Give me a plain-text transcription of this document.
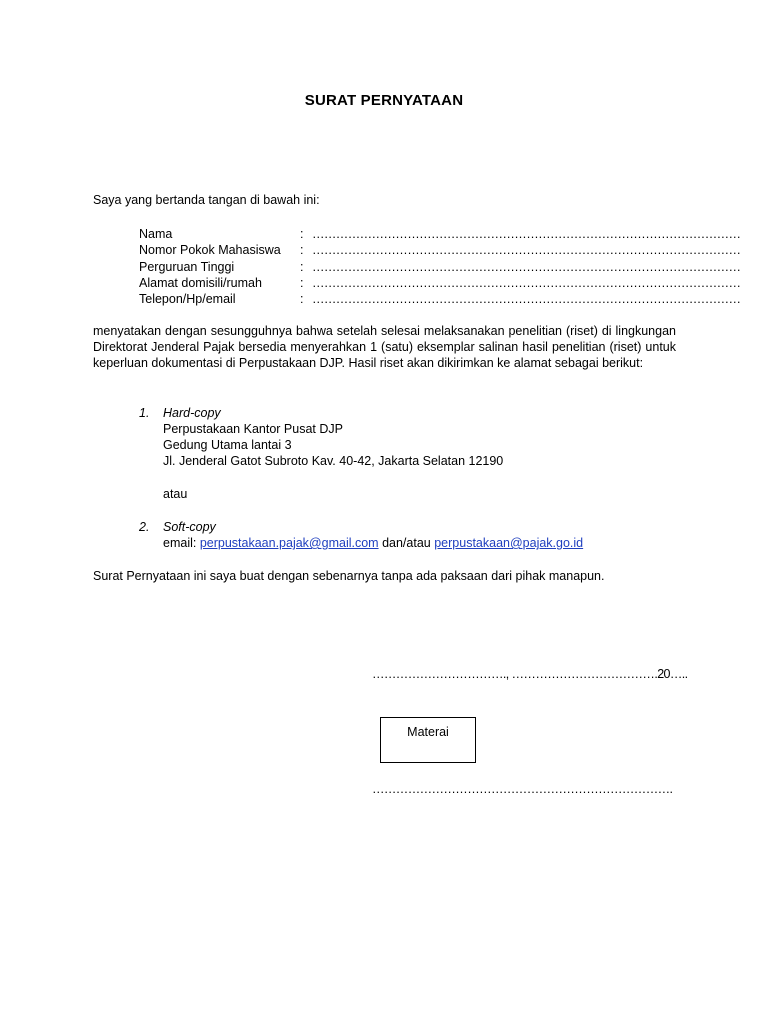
SURAT PERNYATAAN
Saya yang bertanda tangan di bawah ini:
Nama	: ………………………………………………………………………………………………
Nomor Pokok Mahasiswa	: ………………………………………………………………………………………………
Perguruan Tinggi	: ………………………………………………………………………………………………
Alamat domisili/rumah	: ………………………………………………………………………………………………
Telepon/Hp/email	: ………………………………………………………………………………………………
menyatakan dengan sesungguhnya bahwa setelah selesai melaksanakan penelitian (riset) di lingkungan Direktorat Jenderal Pajak bersedia menyerahkan 1 (satu) eksemplar salinan hasil penelitian (riset) untuk keperluan dokumentasi di Perpustakaan DJP. Hasil riset akan dikirimkan ke alamat sebagai berikut:
1.	Hard-copy
Perpustakaan Kantor Pusat DJP
Gedung Utama lantai 3
Jl. Jenderal Gatot Subroto Kav. 40-42, Jakarta Selatan 12190
atau
2.	Soft-copy
email: perpustakaan.pajak@gmail.com dan/atau perpustakaan@pajak.go.id
Surat Pernyataan ini saya buat dengan sebenarnya tanpa ada paksaan dari pihak manapun.
……………………………., ……………………………….20…..
Materai
………………………………………………………………….
